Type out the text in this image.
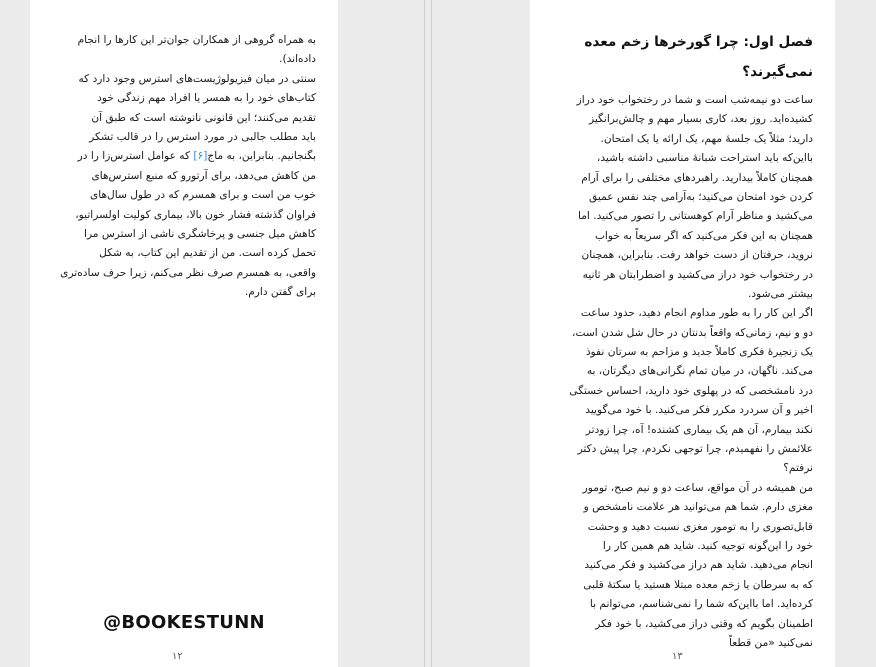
به همراه گروهی از همکاران جوان‌تر این کارها را انجام
داده‌اند).
سنتی در میان فیزیولوژیست‌های استرس وجود دارد که
کتاب‌های خود را به همسر یا افراد مهم زندگی خود
تقدیم می‌کنند؛ این قانونی نانوشته است که طبق آن
باید مطلب جالبی در مورد استرس را در قالب تشکر
بگنجانیم. بنابراین، به ماج[۶] که عوامل استرس‌زا را در
من کاهش می‌دهد، برای آرتورو که منبع استرس‌های
خوب من است و برای همسرم که در طول سال‌های
فراوان گذشته فشار خون بالا، بیماری کولیت اولسراتیو،
کاهش میل جنسی و پرخاشگری ناشی از استرس مرا
تحمل کرده است. من از تقدیم این کتاب، به شکل
واقعی، به همسرم صرف نظر می‌کنم، زیرا حرف ساده‌تری
برای گفتن دارم.
@BOOKESTUNN
۱۲
فصل اول: چرا گورخرها زخم معده
نمی‌گیرند؟
ساعت دو نیمه‌شب است و شما در رختخواب خود دراز
کشیده‌اید. روز بعد، کاری بسیار مهم و چالش‌برانگیز
دارید؛ مثلاً یک جلسهٔ مهم، یک ارائه یا یک امتحان.
بااین‌که باید استراحت شبانهٔ مناسبی داشته باشید،
همچنان کاملاً بیدارید. راهبردهای مختلفی را برای آرام
کردن خود امتحان می‌کنید؛ به‌آرامی چند نفس عمیق
می‌کشید و مناظر آرام کوهستانی را تصور می‌کنید. اما
همچنان به این فکر می‌کنید که اگر سریعاً به خواب
نروید، حرفتان از دست خواهد رفت. بنابراین، همچنان
در رختخواب خود دراز می‌کشید و اضطرابتان هر ثانیه
بیشتر می‌شود.
اگر این کار را به طور مداوم انجام دهید، حدود ساعت
دو و نیم، زمانی‌که واقعاً بدنتان در حال شل شدن است،
یک زنجیرهٔ فکری کاملاً جدید و مزاحم به سرتان نفوذ
می‌کند. ناگهان، در میان تمام نگرانی‌های دیگرتان، به
درد نامشخصی که در پهلوی خود دارید، احساس خستگی
اخیر و آن سردرد مکرر فکر می‌کنید. با خود می‌گویید
نکند بیمارم، آن هم یک بیماری کشنده! آه، چرا زودتر
علائمش را نفهمیدم، چرا توجهی نکردم، چرا پیش دکتر
نرفتم؟
من همیشه در آن مواقع، ساعت دو و نیم صبح، تومور
مغزی دارم. شما هم می‌توانید هر علامت نامشخص و
قابل‌تصوری را به تومور مغزی نسبت دهید و وحشت
خود را این‌گونه توجیه کنید. شاید هم همین کار را
انجام می‌دهید. شاید هم دراز می‌کشید و فکر می‌کنید
که به سرطان یا زخم معده مبتلا هستید یا سکتهٔ قلبی
کرده‌اید. اما بااین‌که شما را نمی‌شناسم، می‌توانم با
اطمینان بگویم که وقتی دراز می‌کشید، با خود فکر
نمی‌کنید «من قطعاً
۱۳
